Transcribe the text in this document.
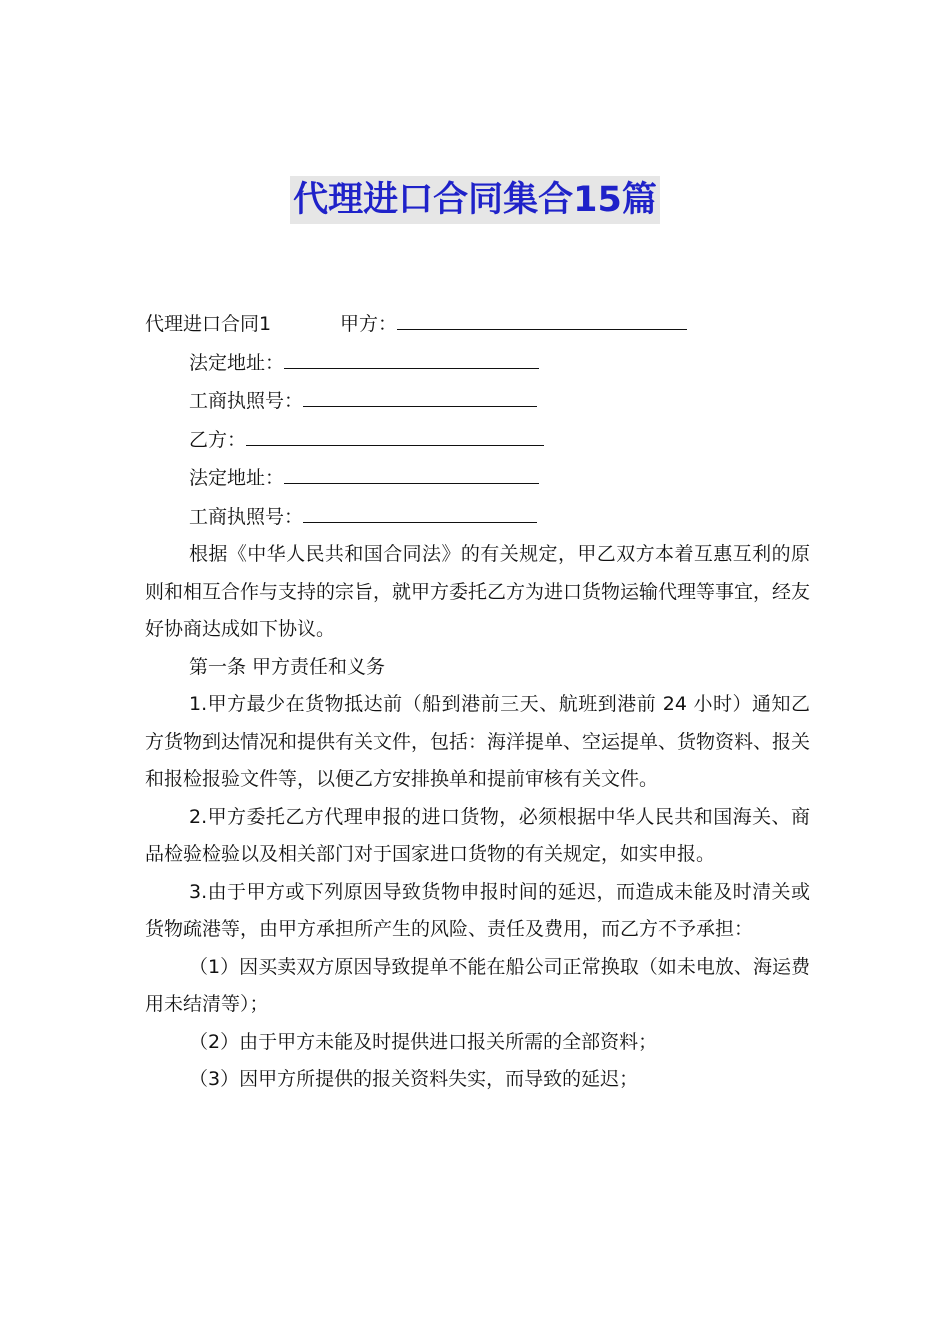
代理进口合同集合15篇

代理进口合同1	甲方：

法定地址：

工商执照号：

乙方：

法定地址：

工商执照号：

根据《中华人民共和国合同法》的有关规定，甲乙双方本着互惠互利的原则和相互合作与支持的宗旨，就甲方委托乙方为进口货物运输代理等事宜，经友好协商达成如下协议。

第一条 甲方责任和义务

1.甲方最少在货物抵达前（船到港前三天、航班到港前 24 小时）通知乙方货物到达情况和提供有关文件，包括：海洋提单、空运提单、货物资料、报关和报检报验文件等，以便乙方安排换单和提前审核有关文件。

2.甲方委托乙方代理申报的进口货物，必须根据中华人民共和国海关、商品检验检验以及相关部门对于国家进口货物的有关规定，如实申报。

3.由于甲方或下列原因导致货物申报时间的延迟，而造成未能及时清关或货物疏港等，由甲方承担所产生的风险、责任及费用，而乙方不予承担：

（1）因买卖双方原因导致提单不能在船公司正常换取（如未电放、海运费用未结清等）；

（2）由于甲方未能及时提供进口报关所需的全部资料；

（3）因甲方所提供的报关资料失实，而导致的延迟；
